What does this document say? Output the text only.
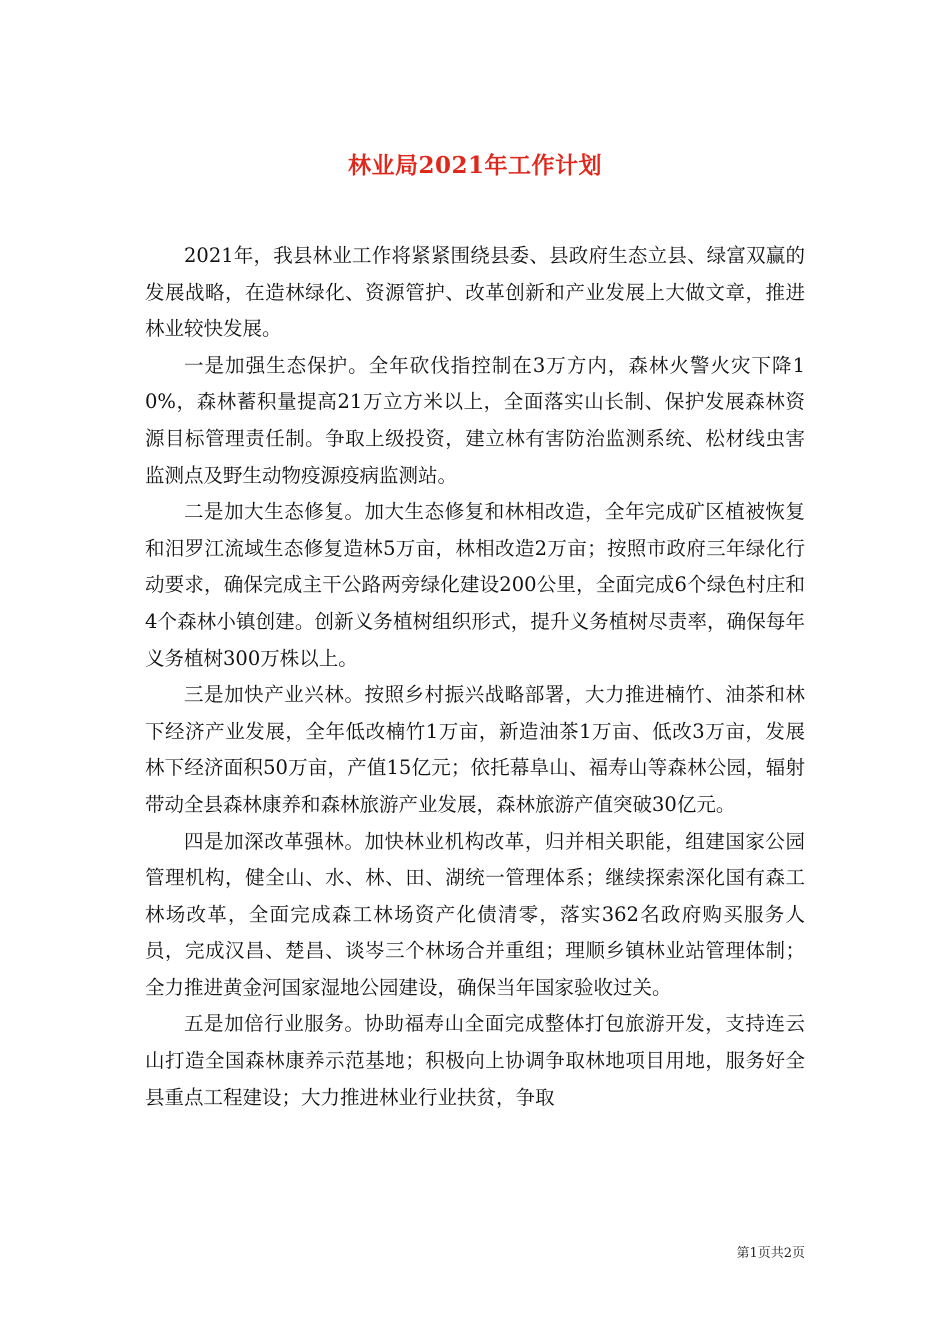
林业局2021年工作计划

2021年，我县林业工作将紧紧围绕县委、县政府生态立县、绿富双赢的发展战略，在造林绿化、资源管护、改革创新和产业发展上大做文章，推进林业较快发展。

一是加强生态保护。全年砍伐指控制在3万方内，森林火警火灾下降10%，森林蓄积量提高21万立方米以上，全面落实山长制、保护发展森林资源目标管理责任制。争取上级投资，建立林有害防治监测系统、松材线虫害监测点及野生动物疫源疫病监测站。

二是加大生态修复。加大生态修复和林相改造，全年完成矿区植被恢复和汨罗江流域生态修复造林5万亩，林相改造2万亩；按照市政府三年绿化行动要求，确保完成主干公路两旁绿化建设200公里，全面完成6个绿色村庄和4个森林小镇创建。创新义务植树组织形式，提升义务植树尽责率，确保每年义务植树300万株以上。

三是加快产业兴林。按照乡村振兴战略部署，大力推进楠竹、油茶和林下经济产业发展，全年低改楠竹1万亩，新造油茶1万亩、低改3万亩，发展林下经济面积50万亩，产值15亿元；依托幕阜山、福寿山等森林公园，辐射带动全县森林康养和森林旅游产业发展，森林旅游产值突破30亿元。

四是加深改革强林。加快林业机构改革，归并相关职能，组建国家公园管理机构，健全山、水、林、田、湖统一管理体系；继续探索深化国有森工林场改革，全面完成森工林场资产化债清零，落实362名政府购买服务人员，完成汉昌、楚昌、谈岑三个林场合并重组；理顺乡镇林业站管理体制；全力推进黄金河国家湿地公园建设，确保当年国家验收过关。

五是加倍行业服务。协助福寿山全面完成整体打包旅游开发，支持连云山打造全国森林康养示范基地；积极向上协调争取林地项目用地，服务好全县重点工程建设；大力推进林业行业扶贫，争取

第1页共2页
